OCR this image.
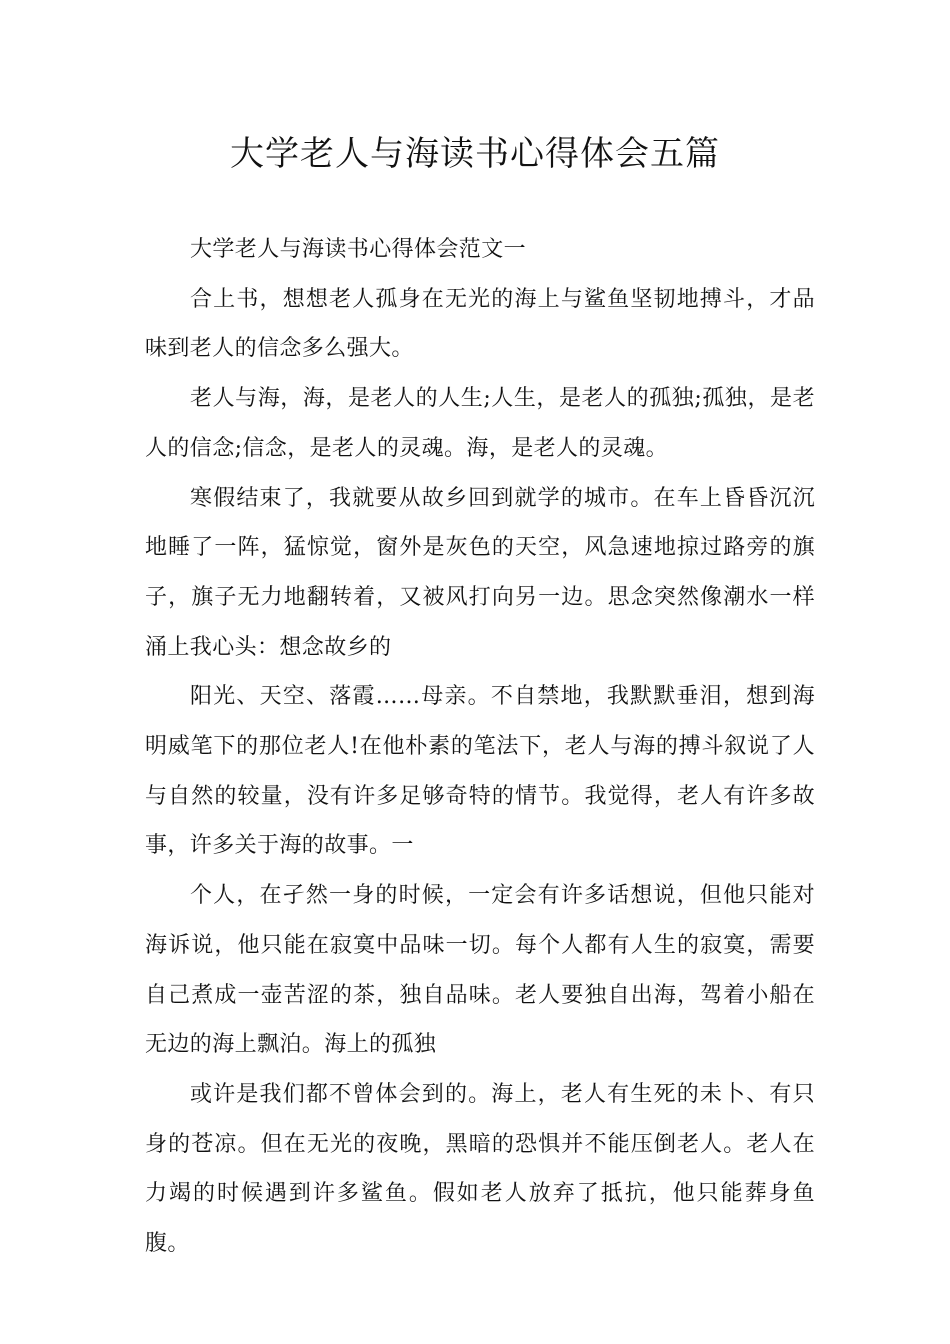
大学老人与海读书心得体会五篇

大学老人与海读书心得体会范文一

合上书，想想老人孤身在无光的海上与鲨鱼坚韧地搏斗，才品味到老人的信念多么强大。

老人与海，海，是老人的人生;人生，是老人的孤独;孤独，是老人的信念;信念，是老人的灵魂。海，是老人的灵魂。

寒假结束了，我就要从故乡回到就学的城市。在车上昏昏沉沉地睡了一阵，猛惊觉，窗外是灰色的天空，风急速地掠过路旁的旗子，旗子无力地翻转着，又被风打向另一边。思念突然像潮水一样涌上我心头：想念故乡的

阳光、天空、落霞……母亲。不自禁地，我默默垂泪，想到海明威笔下的那位老人!在他朴素的笔法下，老人与海的搏斗叙说了人与自然的较量，没有许多足够奇特的情节。我觉得，老人有许多故事，许多关于海的故事。一

个人，在孑然一身的时候，一定会有许多话想说，但他只能对海诉说，他只能在寂寞中品味一切。每个人都有人生的寂寞，需要自己煮成一壶苦涩的茶，独自品味。老人要独自出海，驾着小船在无边的海上飘泊。海上的孤独

或许是我们都不曾体会到的。海上，老人有生死的未卜、有只身的苍凉。但在无光的夜晚，黑暗的恐惧并不能压倒老人。老人在力竭的时候遇到许多鲨鱼。假如老人放弃了抵抗，他只能葬身鱼腹。
